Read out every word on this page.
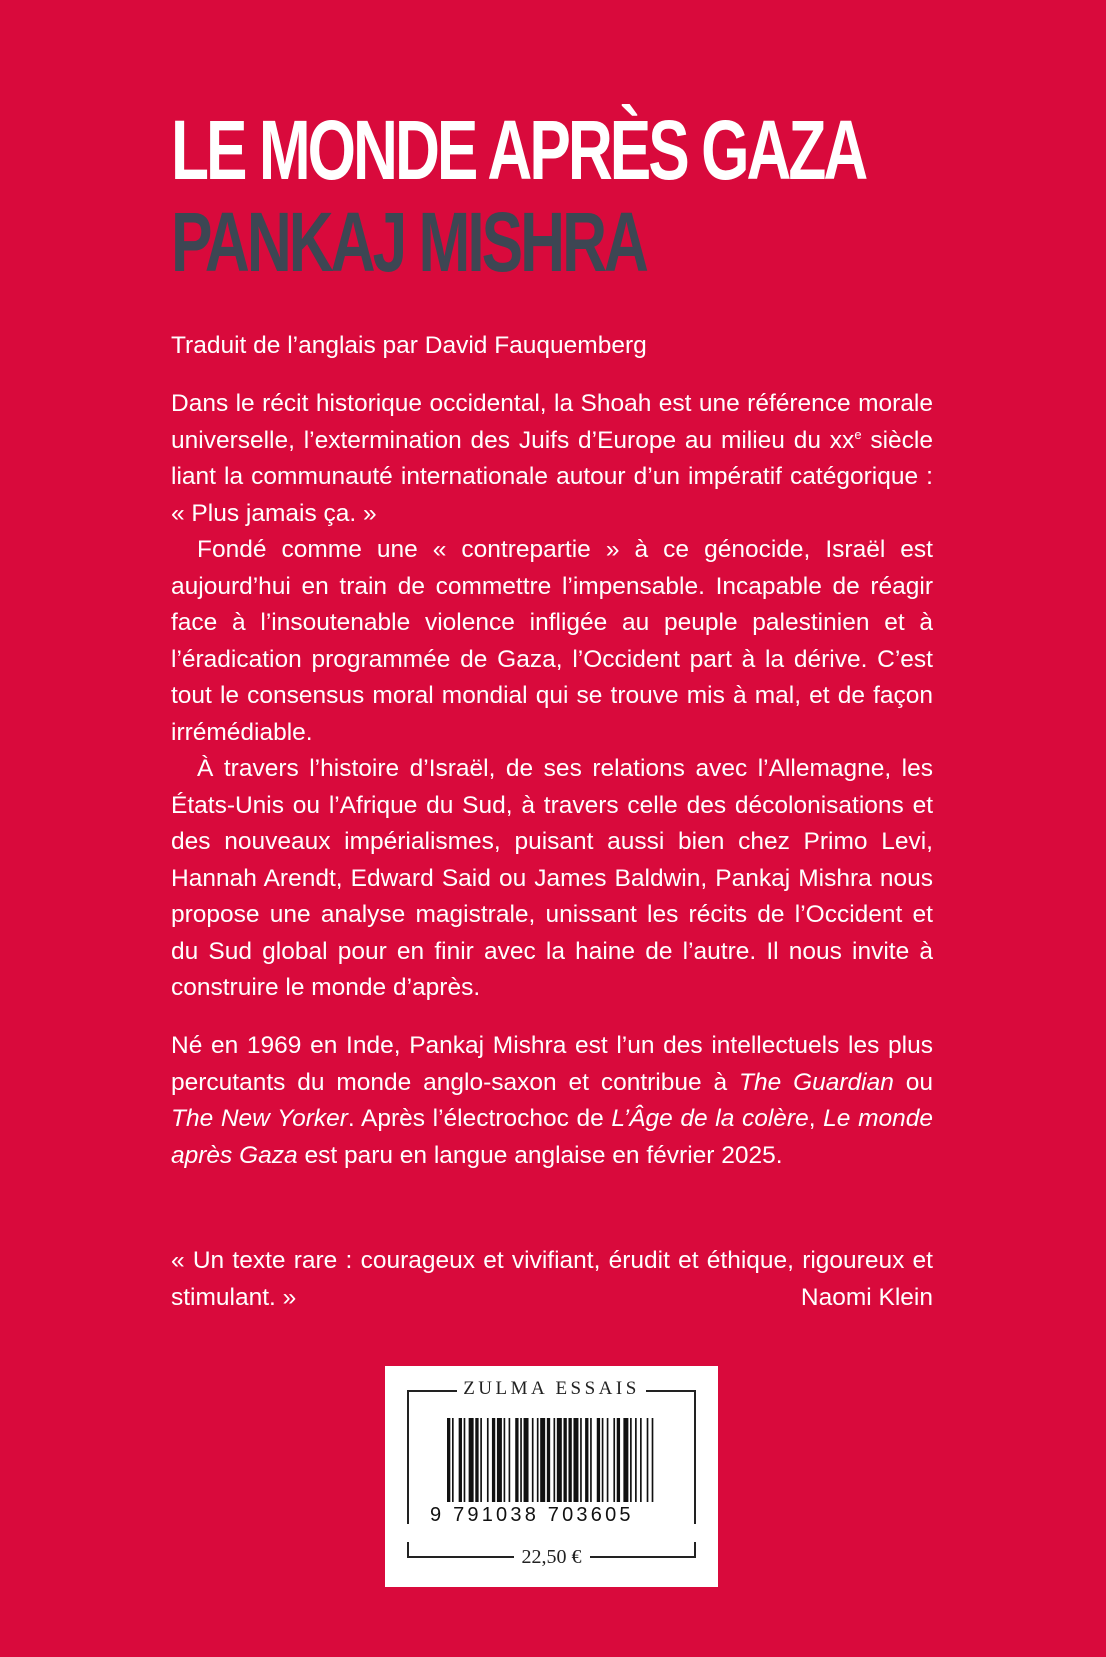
LE MONDE APRÈS GAZA
PANKAJ MISHRA

Traduit de l’anglais par David Fauquemberg

Dans le récit historique occidental, la Shoah est une référence morale universelle, l’extermination des Juifs d’Europe au milieu du $xx^e$ siècle liant la communauté internationale autour d’un impératif catégorique : « Plus jamais ça. »

Fondé comme une « contrepartie » à ce génocide, Israël est aujourd’hui en train de commettre l’impensable. Incapable de réagir face à l’insoutenable violence infligée au peuple palestinien et à l’éradication programmée de Gaza, l’Occident part à la dérive. C’est tout le consensus moral mondial qui se trouve mis à mal, et de façon irrémédiable.

À travers l’histoire d’Israël, de ses relations avec l’Allemagne, les États-Unis ou l’Afrique du Sud, à travers celle des décolonisations et des nouveaux impérialismes, puisant aussi bien chez Primo Levi, Hannah Arendt, Edward Said ou James Baldwin, Pankaj Mishra nous propose une analyse magistrale, unissant les récits de l’Occident et du Sud global pour en finir avec la haine de l’autre. Il nous invite à construire le monde d’après.

Né en 1969 en Inde, Pankaj Mishra est l’un des intellectuels les plus percutants du monde anglo-saxon et contribue à The Guardian ou The New Yorker. Après l’électrochoc de L’Âge de la colère, Le monde après Gaza est paru en langue anglaise en février 2025.

« Un texte rare : courageux et vivifiant, érudit et éthique, rigoureux et stimulant. »	Naomi Klein

ZULMA ESSAIS
9 791038 703605
22,50 €
